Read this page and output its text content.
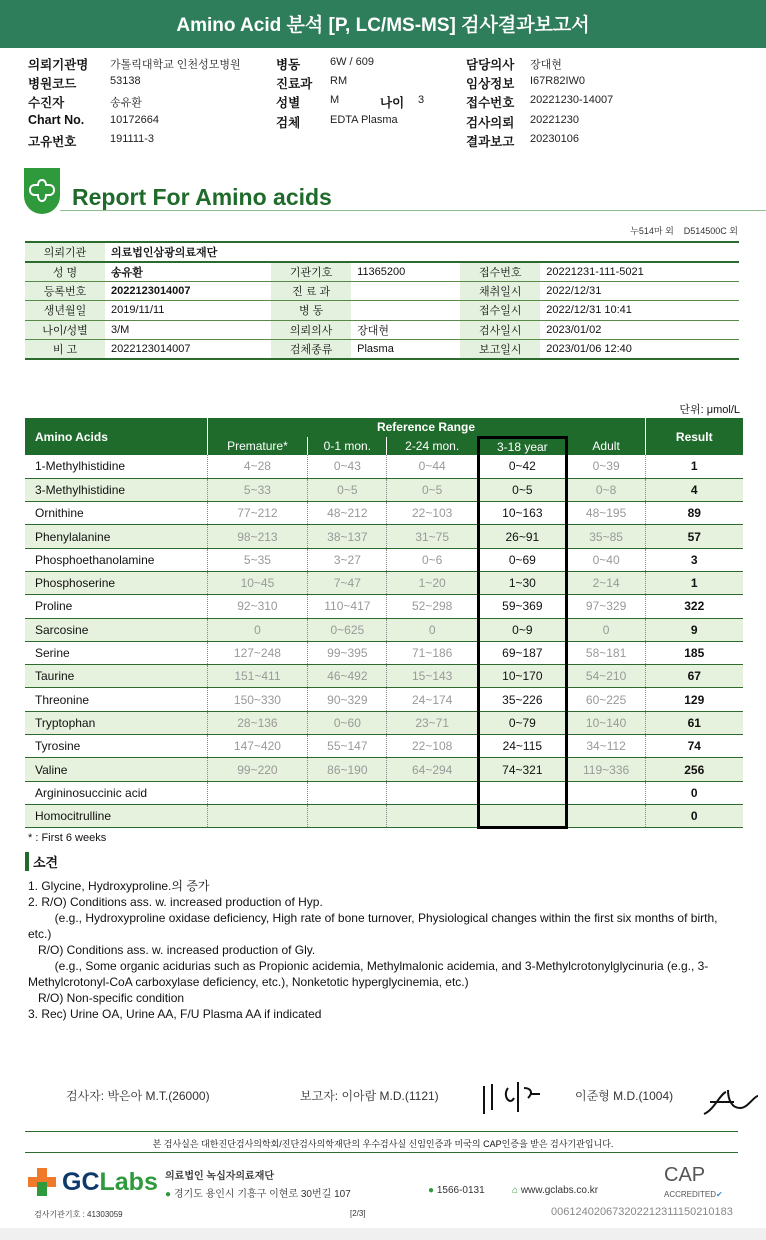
Amino Acid 분석 [P, LC/MS-MS] 검사결과보고서
의뢰기관명 가톨릭대학교 인천성모병원
병원코드	53138
수진자	송유환
Chart No. 10172664
고유번호	191111-3
병동	6W / 609
진료과 RM
성별	M
검체	EDTA Plasma
나이 3
담당의사 장대현
임상정보 I67R82IW0
접수번호 20221230-14007
검사의뢰 20221230
결과보고 20230106
Report For Amino acids
누514마 외    D514500C 외
의뢰기관	의료법인삼광의료재단				
성 명	송유환	기관기호	11365200	접수번호	20221231-111-5021
등록번호	2022123014007	진 료 과		채취일시	2022/12/31
생년월일	2019/11/11	병 동		접수일시	2022/12/31 10:41
나이/성별	3/M	의뢰의사	장대현	검사일시	2023/01/02
비 고	2022123014007	검체종류	Plasma	보고일시	2023/01/06 12:40
단위: μmol/L
Amino Acids	Reference Range					Result
	Premature*	0-1 mon.	2-24 mon.	3-18 year	Adult	
1-Methylhistidine	4~28	0~43	0~44	0~42	0~39	1
3-Methylhistidine	5~33	0~5	0~5	0~5	0~8	4
Ornithine	77~212	48~212	22~103	10~163	48~195	89
Phenylalanine	98~213	38~137	31~75	26~91	35~85	57
Phosphoethanolamine	5~35	3~27	0~6	0~69	0~40	3
Phosphoserine	10~45	7~47	1~20	1~30	2~14	1
Proline	92~310	110~417	52~298	59~369	97~329	322
Sarcosine	0	0~625	0	0~9	0	9
Serine	127~248	99~395	71~186	69~187	58~181	185
Taurine	151~411	46~492	15~143	10~170	54~210	67
Threonine	150~330	90~329	24~174	35~226	60~225	129
Tryptophan	28~136	0~60	23~71	0~79	10~140	61
Tyrosine	147~420	55~147	22~108	24~115	34~112	74
Valine	99~220	86~190	64~294	74~321	119~336	256
Argininosuccinic acid						0
Homocitrulline						0
* : First 6 weeks
소견
1. Glycine, Hydroxyproline.의 증가
2. R/O) Conditions ass. w. increased production of Hyp.
(e.g., Hydroxyproline oxidase deficiency, High rate of bone turnover, Physiological changes within the first six months of birth, etc.)
R/O) Conditions ass. w. increased production of Gly.
(e.g., Some organic acidurias such as Propionic acidemia, Methylmalonic acidemia, and 3-Methylcrotonylglycinuria (e.g., 3-Methylcrotonyl-CoA carboxylase deficiency, etc.), Nonketotic hyperglycinemia, etc.)
R/O) Non-specific condition
3. Rec) Urine OA, Urine AA, F/U Plasma AA if indicated
검사자: 박은아 M.T.(26000)	보고자: 이아람 M.D.(1121)	이준형 M.D.(1004)
본 검사실은 대한진단검사의학회/진단검사의학재단의 우수검사실 신임인증과 미국의 CAP인증을 받은 검사기관입니다.
GCLabs 의료법인 녹십자의료재단
● 경기도 용인시 기흥구 이현로 30번길 107	● 1566-0131	⌂ www.gclabs.co.kr
CAP
ACCREDITED✔
검사기관기호 : 41303059	[2/3]	006124020673202212311150210183
